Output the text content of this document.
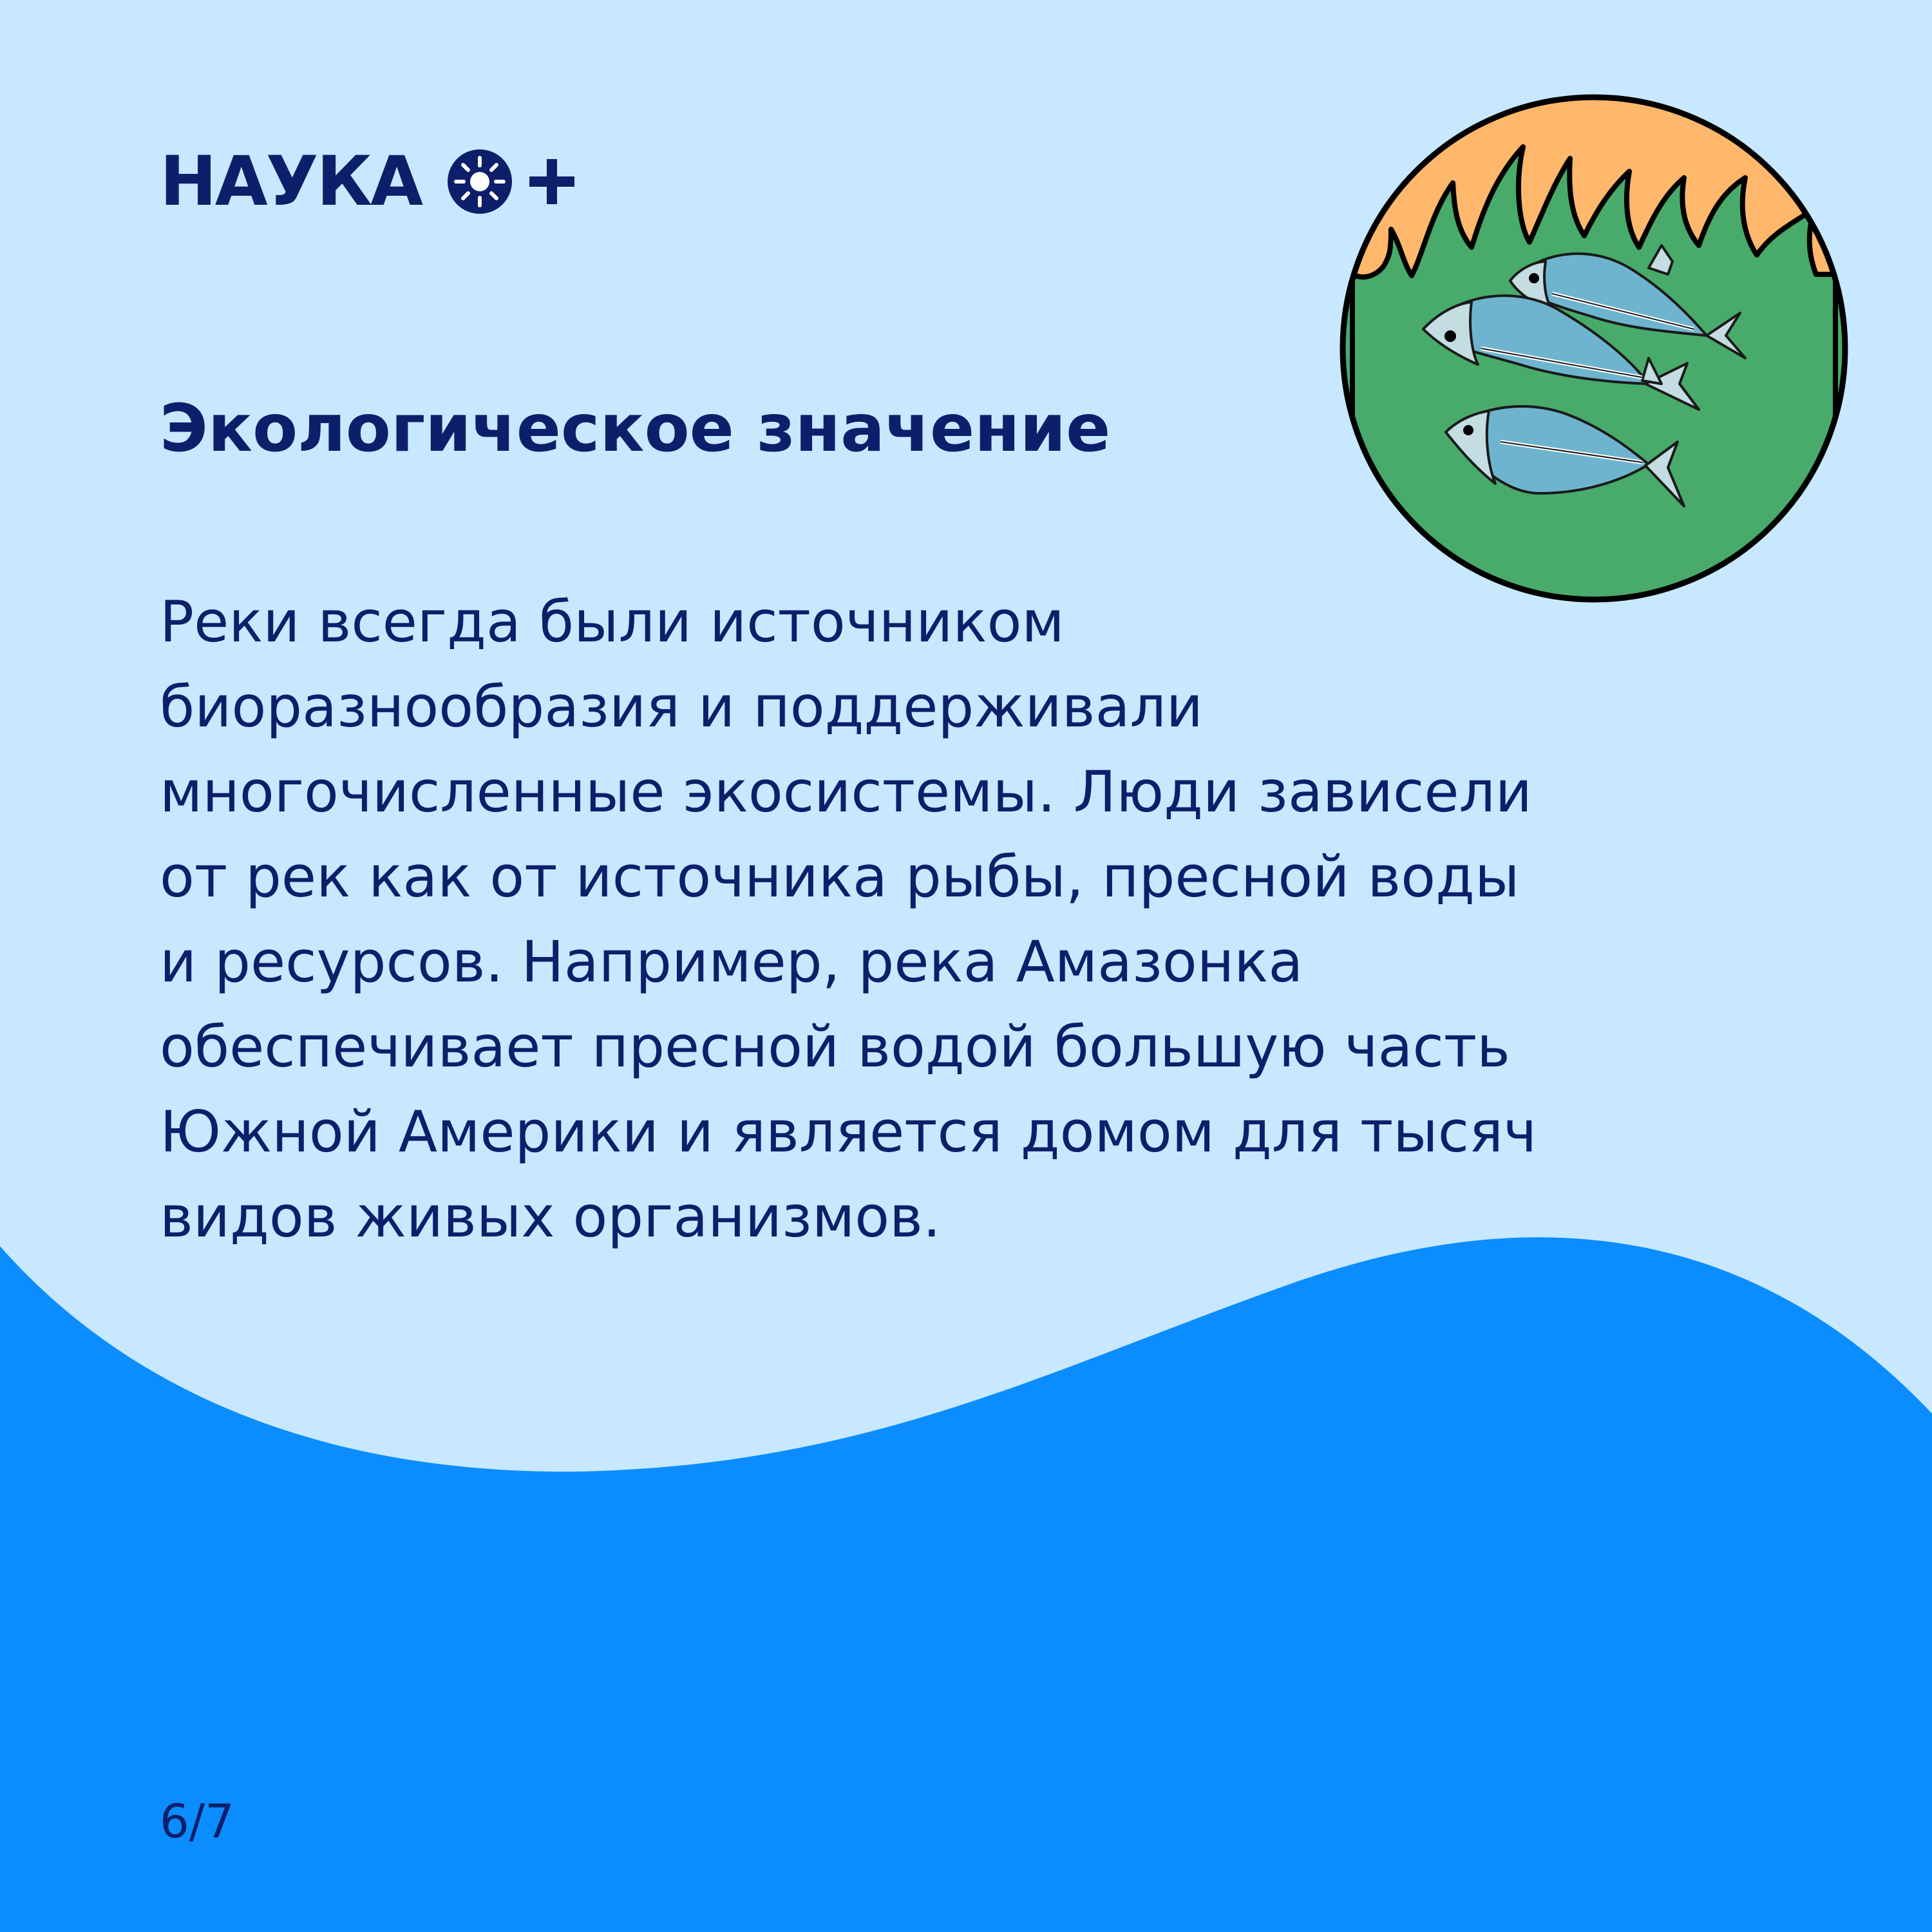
НАУКА
Экологическое значение
Реки всегда были источником
биоразнообразия и поддерживали
многочисленные экосистемы. Люди зависели
от рек как от источника рыбы, пресной воды
и ресурсов. Например, река Амазонка
обеспечивает пресной водой большую часть
Южной Америки и является домом для тысяч
видов живых организмов.
6/7
